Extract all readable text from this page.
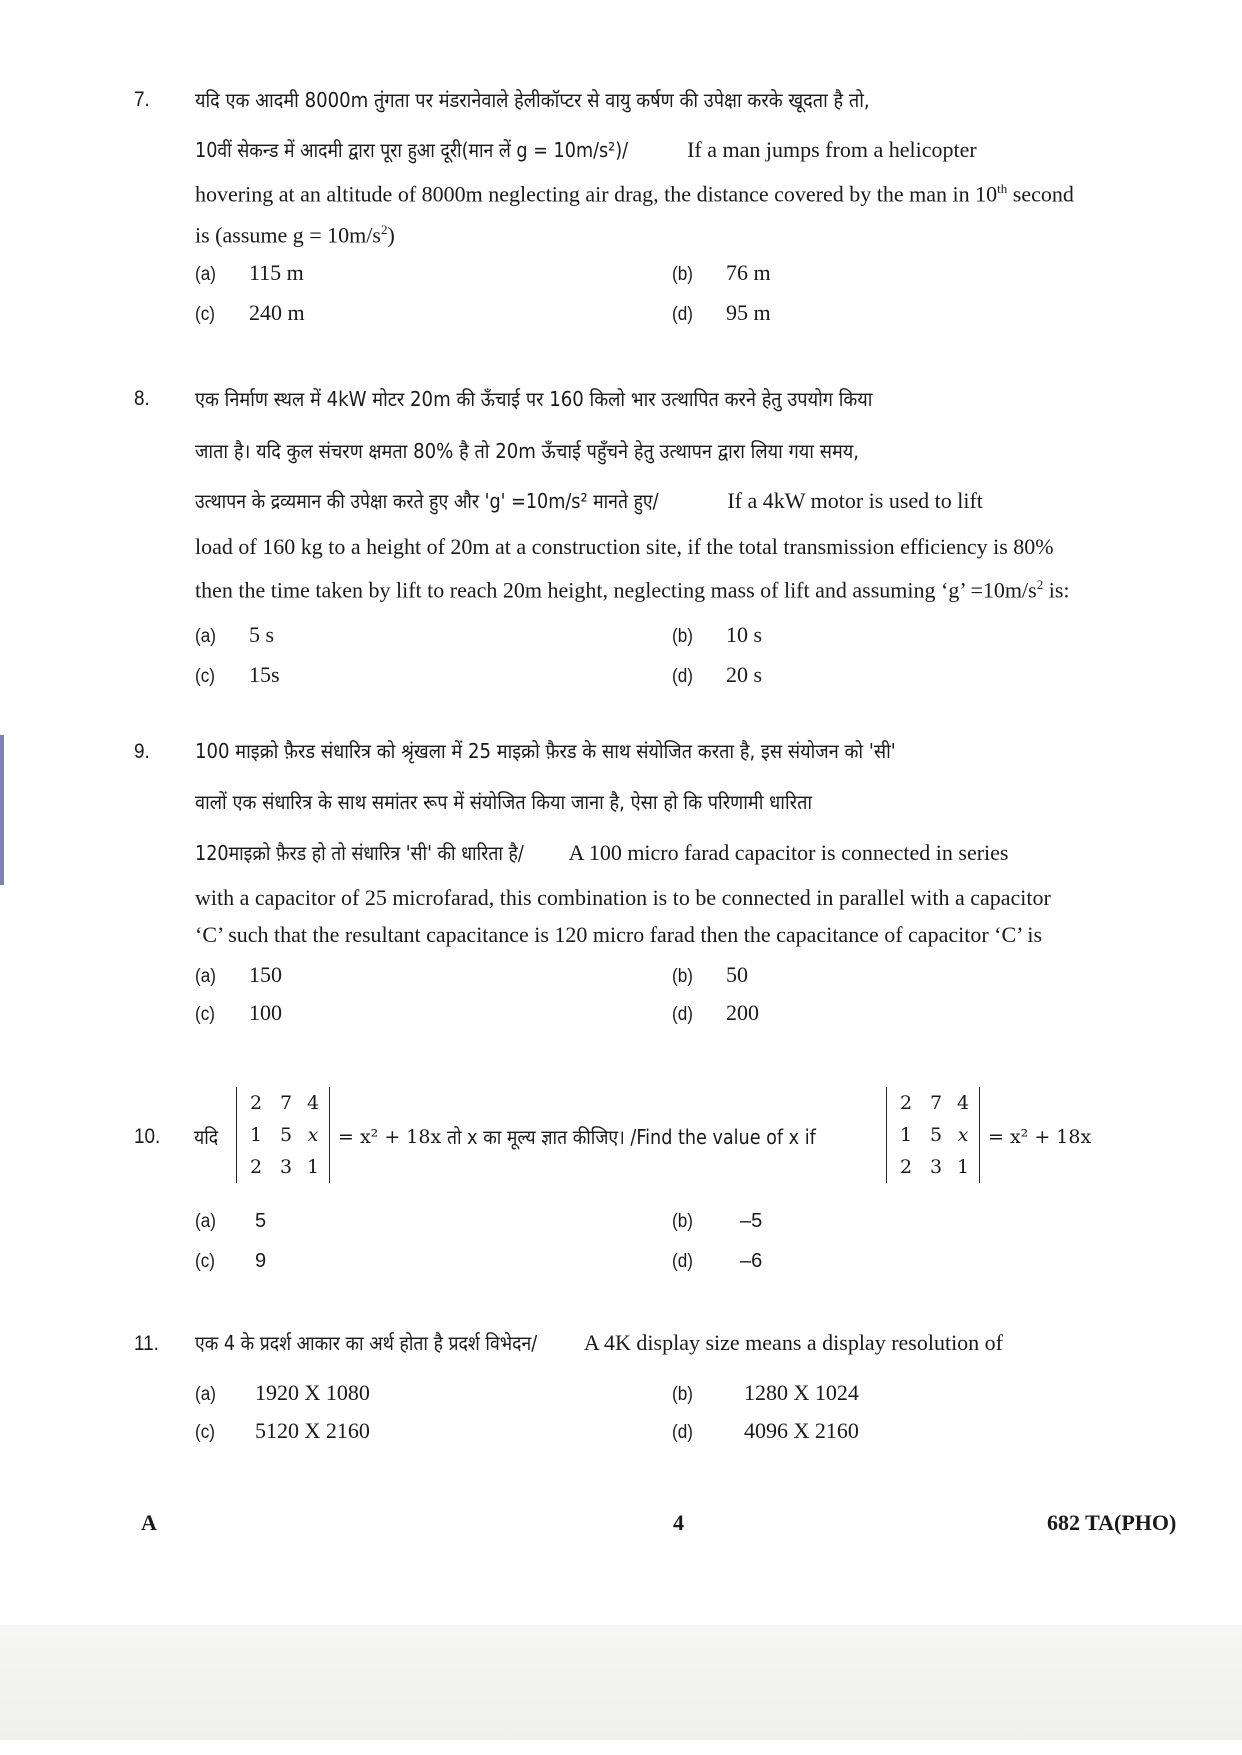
7. यदि एक आदमी 8000m तुंगता पर मंडरानेवाले हेलीकॉप्टर से वायु कर्षण की उपेक्षा करके खूदता है तो,
10वीं सेकन्ड में आदमी द्वारा पूरा हुआ दूरी(मान लें g = 10m/s²)/	If a man jumps from a helicopter
hovering at an altitude of 8000m neglecting air drag, the distance covered by the man in 10th second
is (assume $g = 10m/s^2$)
(a) 115 m	(b) 76 m
(c) 240 m	(d) 95 m
8. एक निर्माण स्थल में 4kW मोटर 20m की ऊँचाई पर 160 किलो भार उत्थापित करने हेतु उपयोग किया
जाता है। यदि कुल संचरण क्षमता 80% है तो 20m ऊँचाई पहुँचने हेतु उत्थापन द्वारा लिया गया समय,
उत्थापन के द्रव्यमान की उपेक्षा करते हुए और 'g' =10m/s² मानते हुए/	If a 4kW motor is used to lift
load of 160 kg to a height of 20m at a construction site, if the total transmission efficiency is 80%
then the time taken by lift to reach 20m height, neglecting mass of lift and assuming ‘g’ $=10m/s^2$ is:
(a) 5 s	(b) 10 s
(c) 15s	(d) 20 s
9. 100 माइक्रो फ़ैरड संधारित्र को श्रृंखला में 25 माइक्रो फ़ैरड के साथ संयोजित करता है, इस संयोजन को 'सी'
वालों एक संधारित्र के साथ समांतर रूप में संयोजित किया जाना है, ऐसा हो कि परिणामी धारिता
120माइक्रो फ़ैरड हो तो संधारित्र 'सी' की धारिता है/ A 100 micro farad capacitor is connected in series
with a capacitor of 25 microfarad, this combination is to be connected in parallel with a capacitor
‘C’ such that the resultant capacitance is 120 micro farad then the capacitance of capacitor ‘C’ is
(a) 150	(b) 50
(c) 100	(d) 200
10. यदि
2 7 4
1 5 x
2 3 1
= x² + 18x तो x का मूल्य ज्ञात कीजिए। /Find the value of x if
2 7 4
1 5 x
2 3 1
= x² + 18x
(a) 5	(b) –5
(c) 9	(d) –6
11. एक 4 के प्रदर्श आकार का अर्थ होता है प्रदर्श विभेदन/ A 4K display size means a display resolution of
(a) 1920 X 1080	(b) 1280 X 1024
(c) 5120 X 2160	(d) 4096 X 2160
A	4	682 TA(PHO)
